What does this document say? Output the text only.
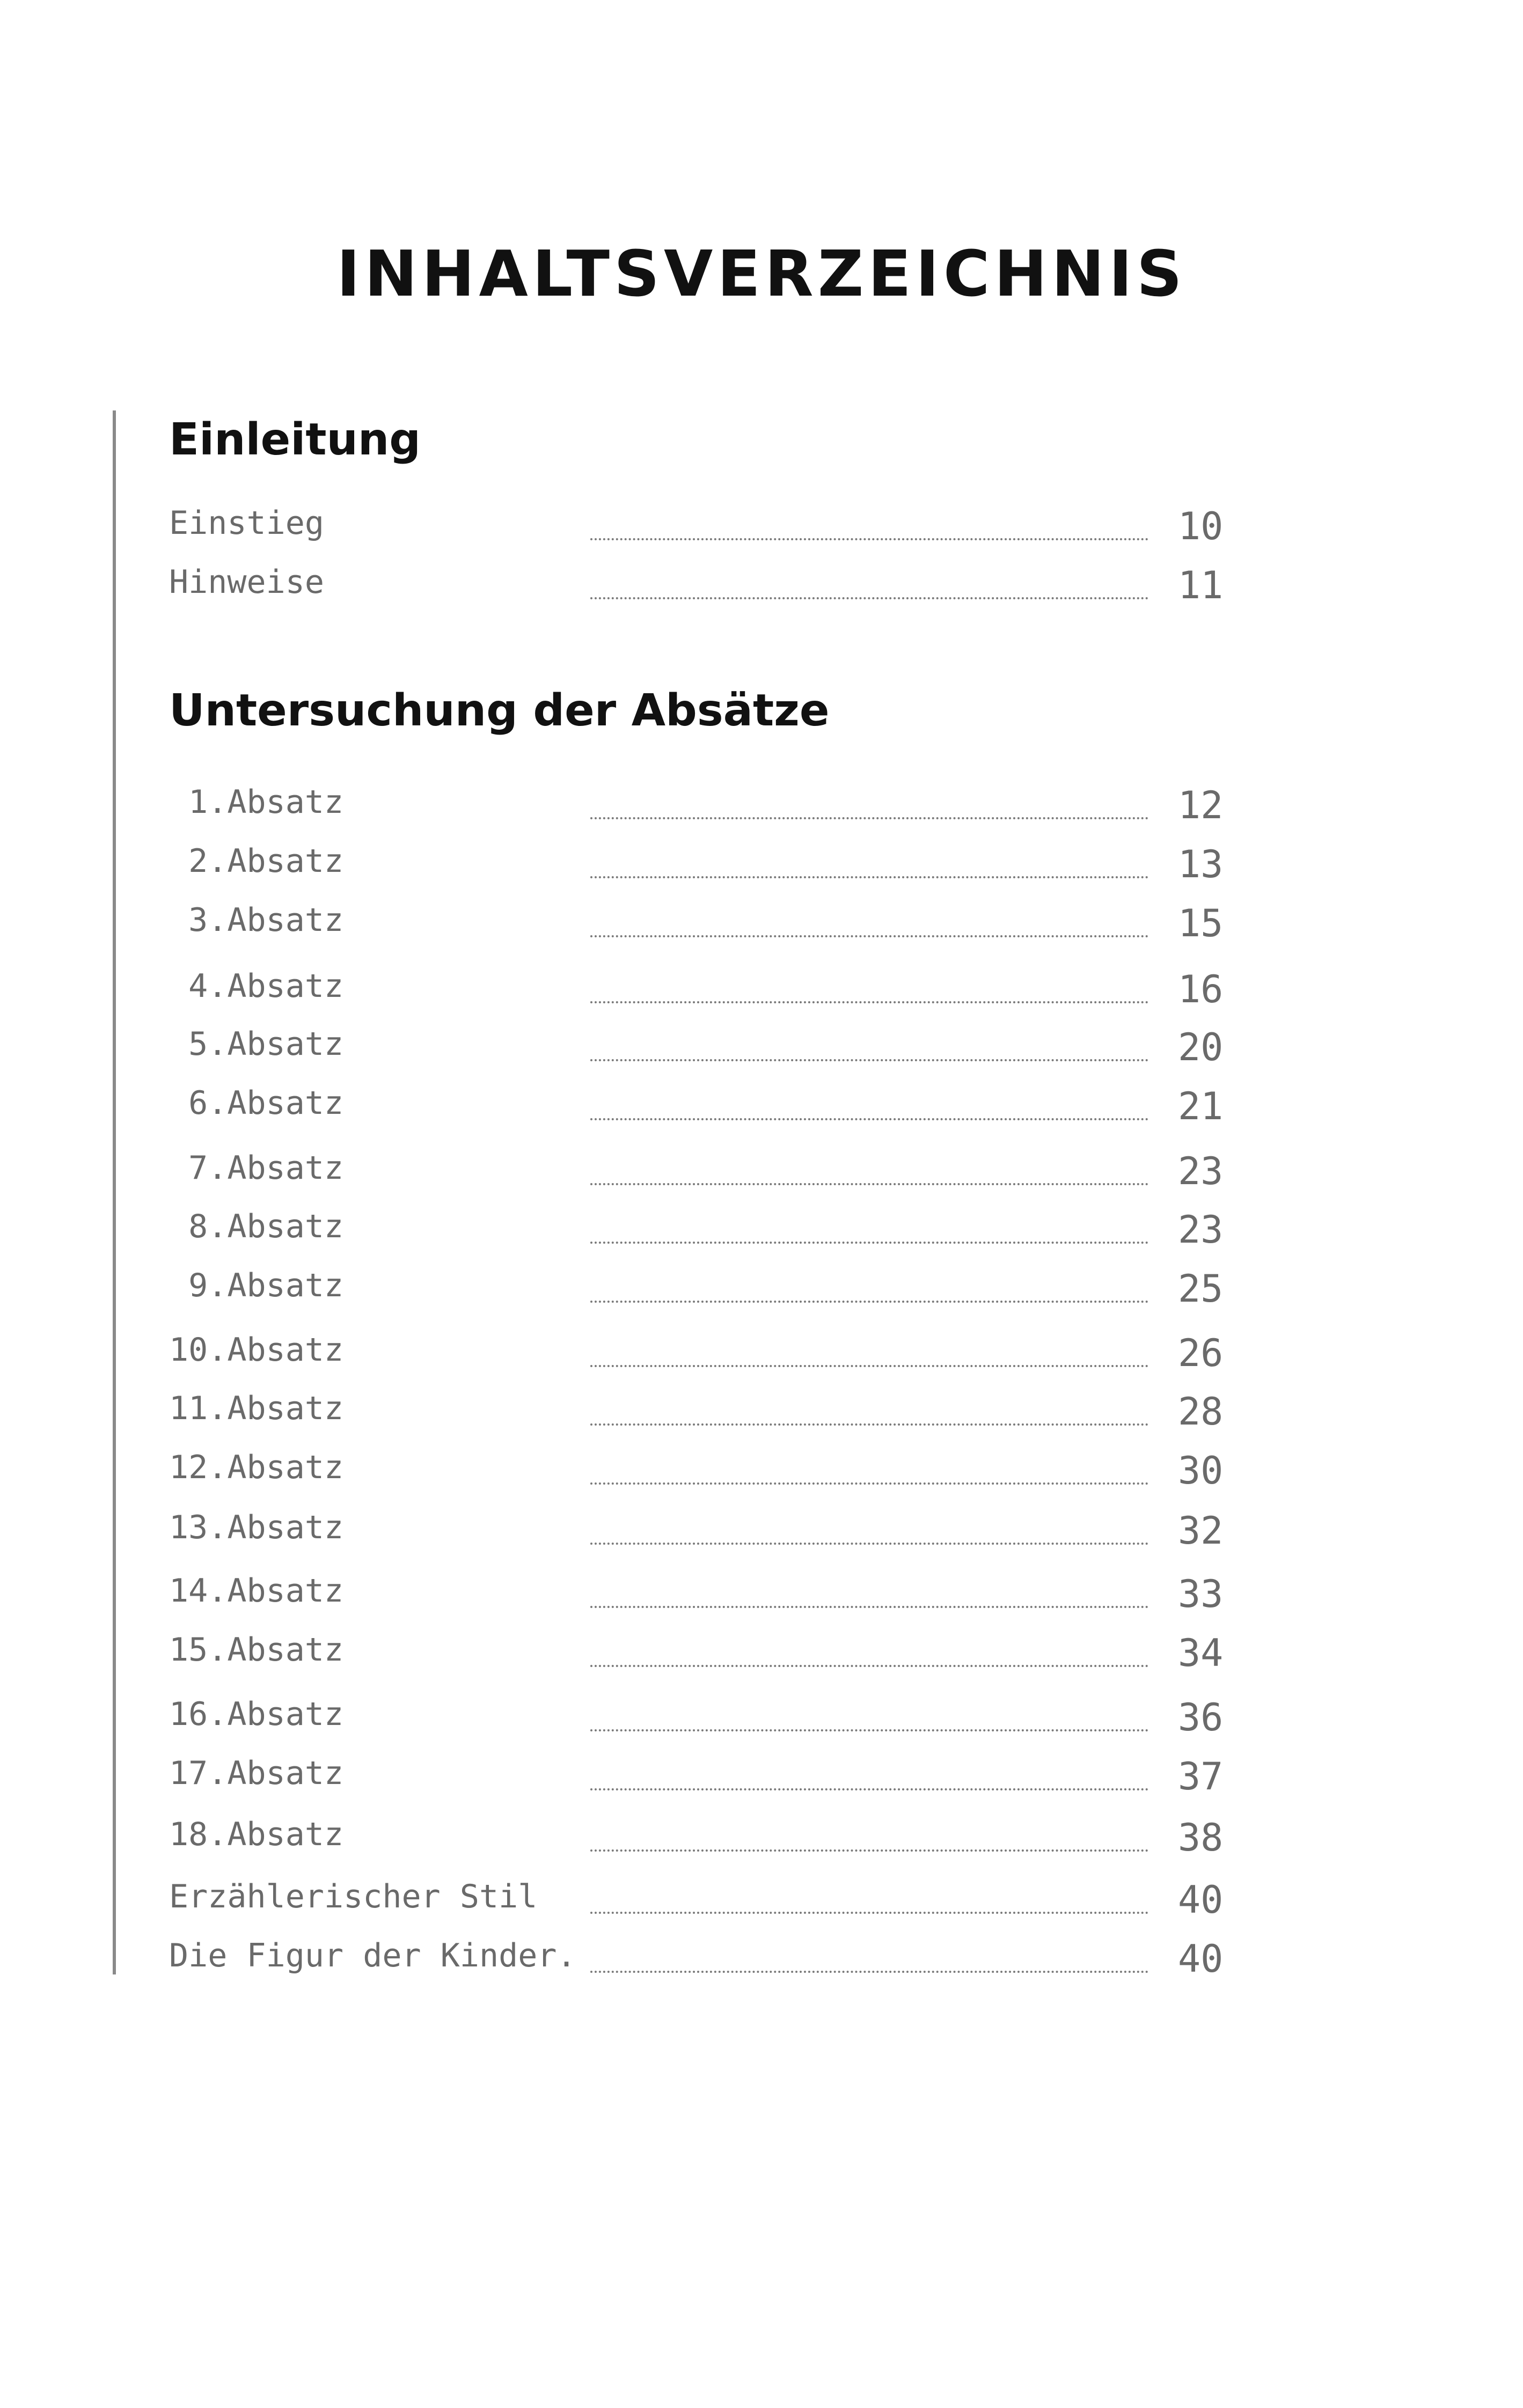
INHALTSVERZEICHNIS
Einleitung
Einstieg	10
Hinweise	11
Untersuchung der Absätze
1.Absatz	12
2.Absatz	13
3.Absatz	15
4.Absatz	16
5.Absatz	20
6.Absatz	21
7.Absatz	23
8.Absatz	23
9.Absatz	25
10.Absatz	26
11.Absatz	28
12.Absatz	30
13.Absatz	32
14.Absatz	33
15.Absatz	34
16.Absatz	36
17.Absatz	37
18.Absatz	38
Erzählerischer Stil	40
Die Figur der Kinder.	40
